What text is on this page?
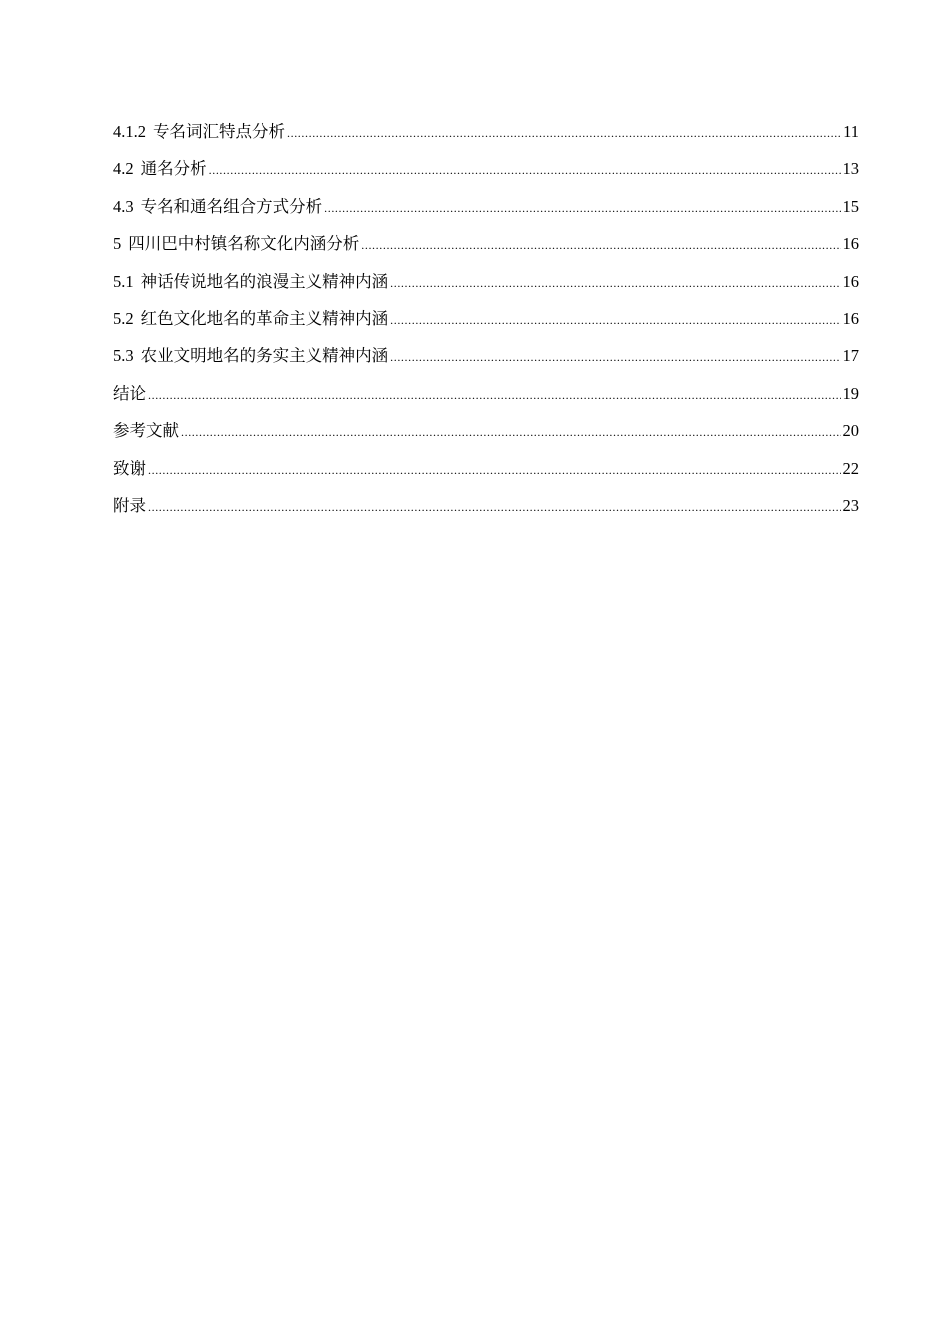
4.1.2 专名词汇特点分析 .....	11
4.2 通名分析 .....	13
4.3 专名和通名组合方式分析 .....	15
5 四川巴中村镇名称文化内涵分析 .....	16
5.1 神话传说地名的浪漫主义精神内涵 .....	16
5.2 红色文化地名的革命主义精神内涵 .....	16
5.3 农业文明地名的务实主义精神内涵 .....	17
结论 .....	19
参考文献 .....	20
致谢 .....	22
附录 .....	23
